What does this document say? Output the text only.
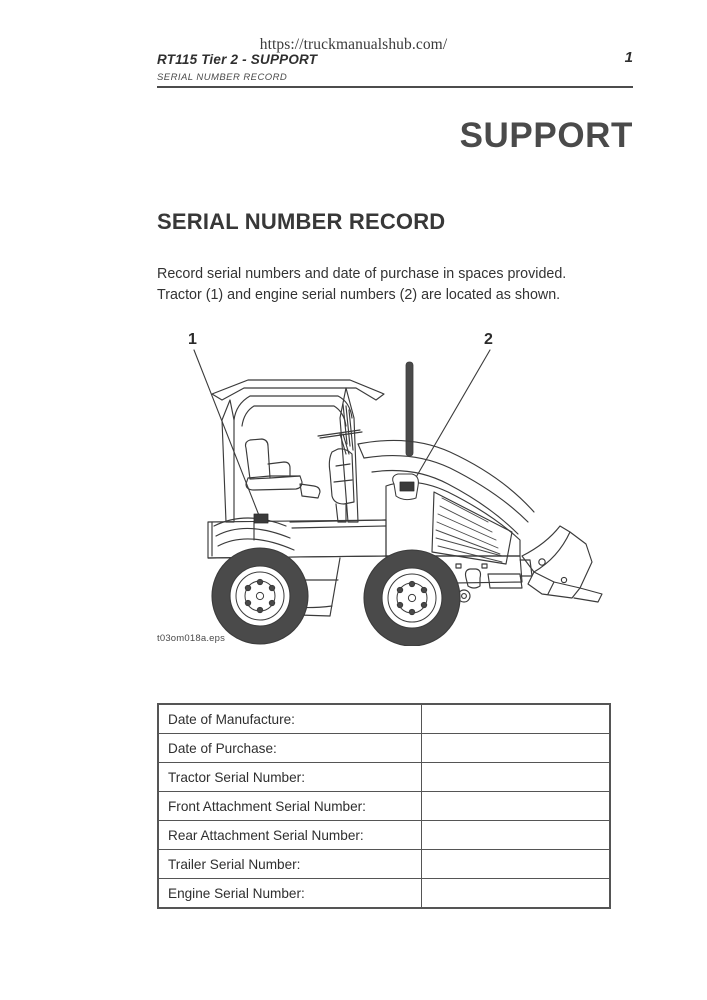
https://truckmanualshub.com/
RT115 Tier 2 - SUPPORT
SERIAL NUMBER RECORD
1
SUPPORT
SERIAL NUMBER RECORD
Record serial numbers and date of purchase in spaces provided.
Tractor (1) and engine serial numbers (2) are located as shown.
1	2
t03om018a.eps
Date of Manufacture:	
Date of Purchase:	
Tractor Serial Number:	
Front Attachment Serial Number:	
Rear Attachment Serial Number:	
Trailer Serial Number:	
Engine Serial Number:	
